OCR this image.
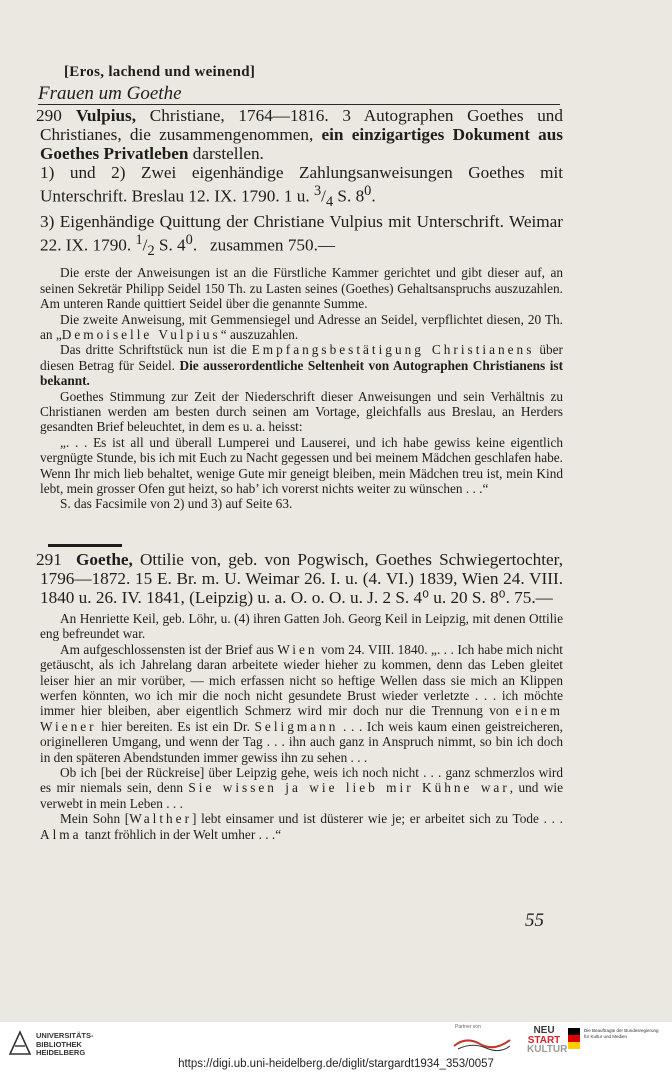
[Eros, lachend und weinend]
Frauen um Goethe
290 Vulpius, Christiane, 1764—1816. 3 Autographen Goethes und Christianes, die zusammengenommen, ein einzigartiges Dokument aus Goethes Privatleben darstellen.

1) und 2) Zwei eigenhändige Zahlungsanweisungen Goethes mit Unterschrift. Breslau 12. IX. 1790. 1 u. $^3/_4$ S. $8^0$.

3) Eigenhändige Quittung der Christiane Vulpius mit Unterschrift. Weimar 22. IX. 1790. $^1/_2$ S. $4^0$.   zusammen 750.—

Die erste der Anweisungen ist an die Fürstliche Kammer gerichtet und gibt dieser auf, an seinen Sekretär Philipp Seidel 150 Th. zu Lasten seines (Goethes) Gehaltsanspruchs auszuzahlen. Am unteren Rande quittiert Seidel über die genannte Summe.

Die zweite Anweisung, mit Gemmensiegel und Adresse an Seidel, verpflichtet diesen, 20 Th. an „Demoiselle Vulpius“ auszuzahlen.

Das dritte Schriftstück nun ist die Empfangsbestätigung Christianens über diesen Betrag für Seidel. Die ausserordentliche Seltenheit von Autographen Christianens ist bekannt.

Goethes Stimmung zur Zeit der Niederschrift dieser Anweisungen und sein Verhältnis zu Christianen werden am besten durch seinen am Vortage, gleichfalls aus Breslau, an Herders gesandten Brief beleuchtet, in dem es u. a. heisst:

„. . . Es ist all und überall Lumperei und Lauserei, und ich habe gewiss keine eigentlich vergnügte Stunde, bis ich mit Euch zu Nacht gegessen und bei meinem Mädchen geschlafen habe. Wenn Ihr mich lieb behaltet, wenige Gute mir geneigt bleiben, mein Mädchen treu ist, mein Kind lebt, mein grosser Ofen gut heizt, so hab’ ich vorerst nichts weiter zu wünschen . . .“

S. das Facsimile von 2) und 3) auf Seite 63.

291 Goethe, Ottilie von, geb. von Pogwisch, Goethes Schwiegertochter, 1796—1872. 15 E. Br. m. U. Weimar 26. I. u. (4. VI.) 1839, Wien 24. VIII. 1840 u. 26. IV. 1841, (Leipzig) u. a. O. o. O. u. J. 2 S. 4⁰ u. 20 S. 8⁰. 75.—

An Henriette Keil, geb. Löhr, u. (4) ihren Gatten Joh. Georg Keil in Leipzig, mit denen Ottilie eng befreundet war.

Am aufgeschlossensten ist der Brief aus Wien vom 24. VIII. 1840. „. . . Ich habe mich nicht getäuscht, als ich Jahrelang daran arbeitete wieder hieher zu kommen, denn das Leben gleitet leiser hier an mir vorüber, — mich erfassen nicht so heftige Wellen dass sie mich an Klippen werfen könnten, wo ich mir die noch nicht gesundete Brust wieder verletzte . . . ich möchte immer hier bleiben, aber eigentlich Schmerz wird mir doch nur die Trennung von einem Wiener hier bereiten. Es ist ein Dr. Seligmann . . . Ich weis kaum einen geistreicheren, originelleren Umgang, und wenn der Tag . . . ihn auch ganz in Anspruch nimmt, so bin ich doch in den späteren Abendstunden immer gewiss ihn zu sehen . . .

Ob ich [bei der Rückreise] über Leipzig gehe, weis ich noch nicht . . . ganz schmerzlos wird es mir niemals sein, denn Sie wissen ja wie lieb mir Kühne war, und wie verwebt in mein Leben . . .

Mein Sohn [Walther] lebt einsamer und ist düsterer wie je; er arbeitet sich zu Tode . . . Alma tanzt fröhlich in der Welt umher . . .“

55
UNIVERSITÄTS-
BIBLIOTHEK
HEIDELBERG
Partner von	NEU
START
KULTUR
Die Beauftragte der Bundesregierung für Kultur und Medien
https://digi.ub.uni-heidelberg.de/diglit/stargardt1934_353/0057
